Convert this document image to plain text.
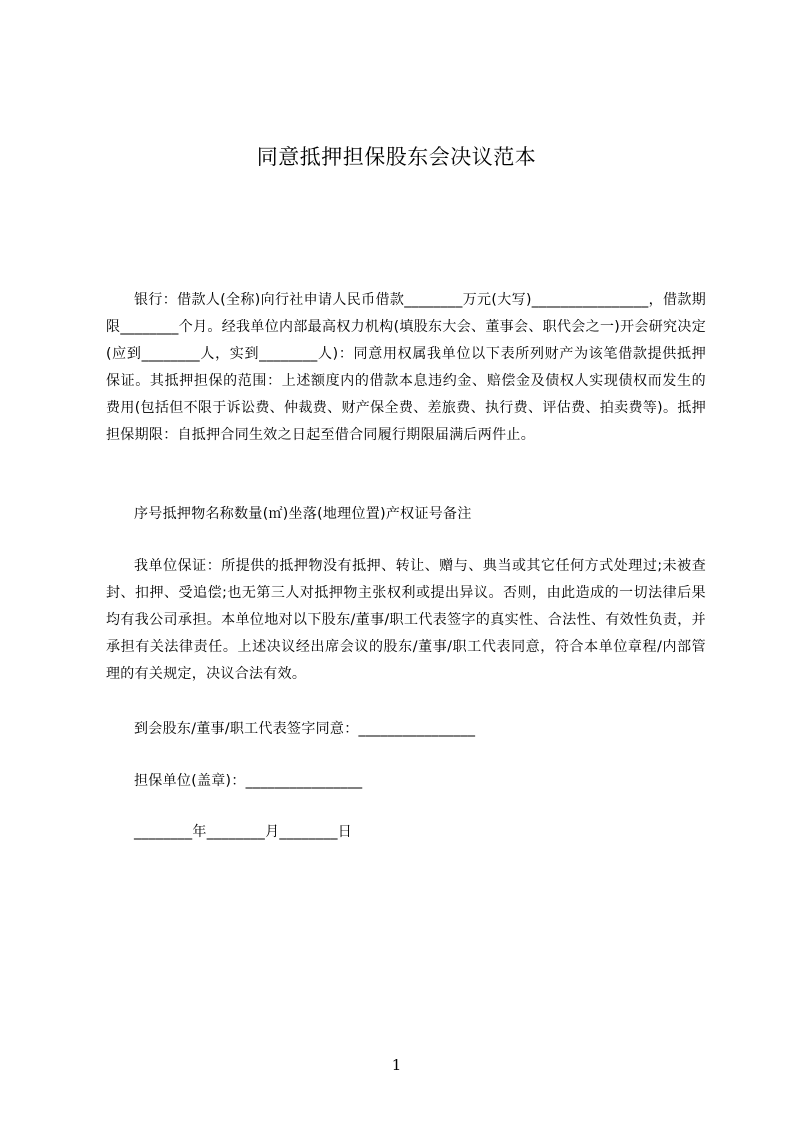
同意抵押担保股东会决议范本
银行：借款人(全称)向行社申请人民币借款________万元(大写)________________，借款期限________个月。经我单位内部最高权力机构(填股东大会、董事会、职代会之一)开会研究决定(应到________人，实到________人)：同意用权属我单位以下表所列财产为该笔借款提供抵押保证。其抵押担保的范围：上述额度内的借款本息违约金、赔偿金及债权人实现债权而发生的费用(包括但不限于诉讼费、仲裁费、财产保全费、差旅费、执行费、评估费、拍卖费等)。抵押担保期限：自抵押合同生效之日起至借合同履行期限届满后两件止。
序号抵押物名称数量(㎡)坐落(地理位置)产权证号备注
我单位保证：所提供的抵押物没有抵押、转让、赠与、典当或其它任何方式处理过;未被查封、扣押、受追偿;也无第三人对抵押物主张权利或提出异议。否则，由此造成的一切法律后果均有我公司承担。本单位地对以下股东/董事/职工代表签字的真实性、合法性、有效性负责，并承担有关法律责任。上述决议经出席会议的股东/董事/职工代表同意，符合本单位章程/内部管理的有关规定，决议合法有效。
到会股东/董事/职工代表签字同意：________________
担保单位(盖章)：________________
________年________月________日
1
